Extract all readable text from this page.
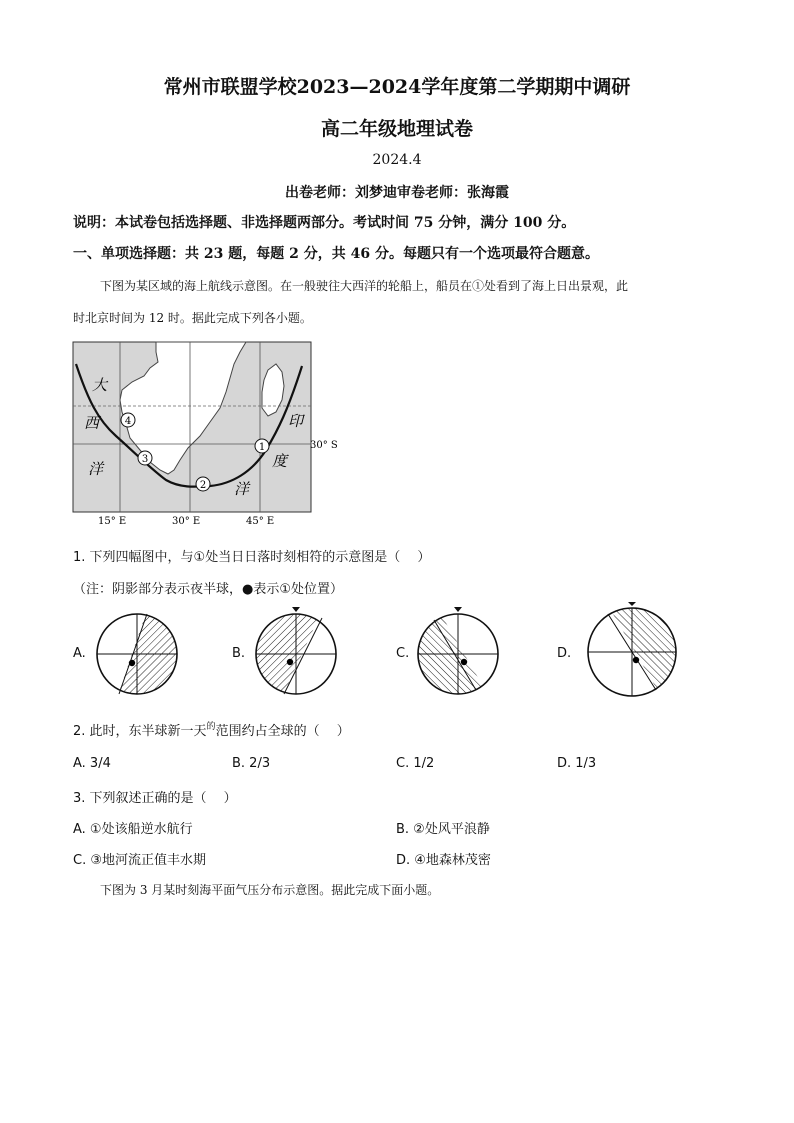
常州市联盟学校2023—2024学年度第二学期期中调研
高二年级地理试卷
2024.4
出卷老师：刘梦迪审卷老师：张海霞
说明：本试卷包括选择题、非选择题两部分。考试时间 75 分钟，满分 100 分。
一、单项选择题：共 23 题，每题 2 分，共 46 分。每题只有一个选项最符合题意。
下图为某区域的海上航线示意图。在一般驶往大西洋的轮船上，船员在①处看到了海上日出景观，此
时北京时间为 12 时。据此完成下列各小题。
4
3
2
1
大
西
洋
印
度
洋
30° S
15° E	30° E	45° E
1. 下列四幅图中，与①处当日日落时刻相符的示意图是（　 ）
（注：阴影部分表示夜半球，●表示①处位置）
A.	B.	C.	D.
2. 此时，东半球新一天$^的$范围约占全球的（　 ）
A. 3/4	B. 2/3	C. 1/2	D. 1/3
3. 下列叙述正确的是（　 ）
A. ①处该船逆水航行	B. ②处风平浪静
C. ③地河流正值丰水期	D. ④地森林茂密
下图为 3 月某时刻海平面气压分布示意图。据此完成下面小题。
